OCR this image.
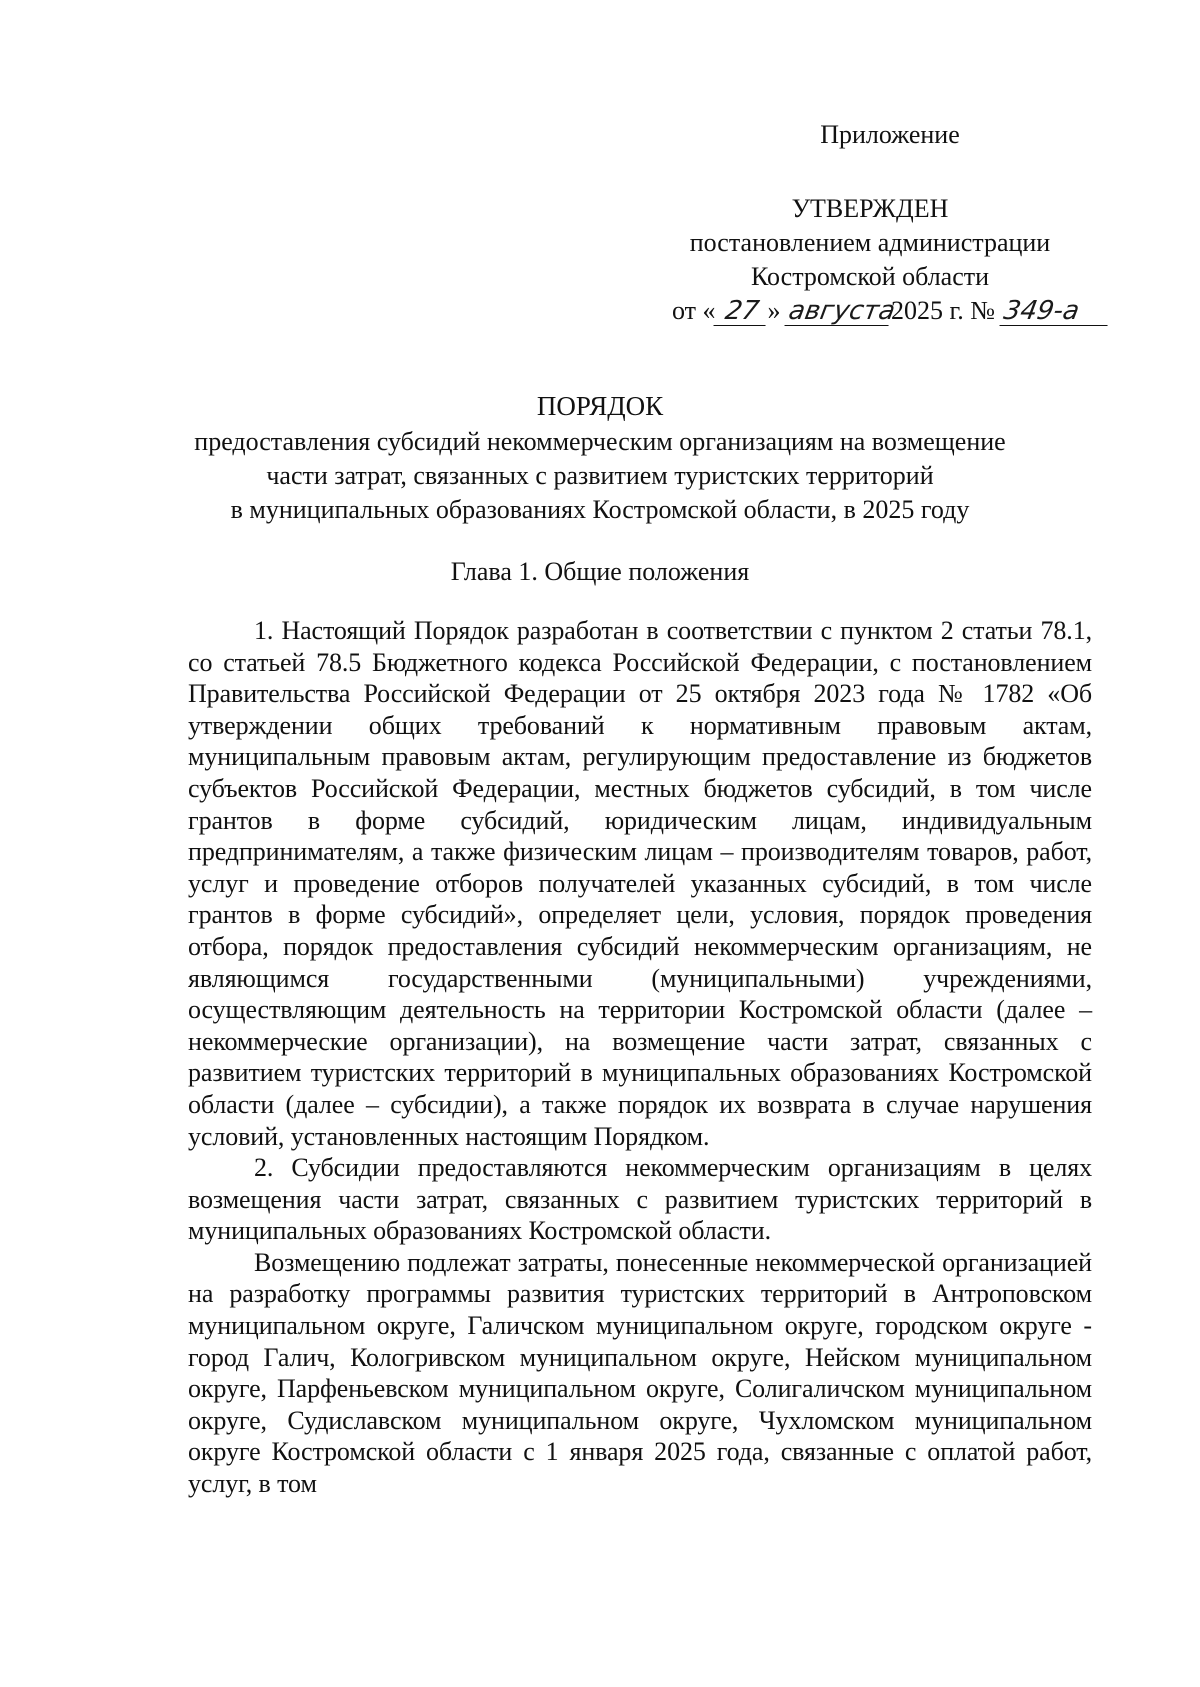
Приложение
УТВЕРЖДЕН
постановлением администрации
Костромской области
от « 27 » августа2025 г. № 349-а
ПОРЯДОК
предоставления субсидий некоммерческим организациям на возмещение
части затрат, связанных с развитием туристских территорий
в муниципальных образованиях Костромской области, в 2025 году
Глава 1. Общие положения

1. Настоящий Порядок разработан в соответствии с пунктом 2 статьи 78.1, со статьей 78.5 Бюджетного кодекса Российской Федерации, с постановлением Правительства Российской Федерации от 25 октября 2023 года № 1782 «Об утверждении общих требований к нормативным правовым актам, муниципальным правовым актам, регулирующим предоставление из бюджетов субъектов Российской Федерации, местных бюджетов субсидий, в том числе грантов в форме субсидий, юридическим лицам, индивидуальным предпринимателям, а также физическим лицам – производителям товаров, работ, услуг и проведение отборов получателей указанных субсидий, в том числе грантов в форме субсидий», определяет цели, условия, порядок проведения отбора, порядок предоставления субсидий некоммерческим организациям, не являющимся государственными (муниципальными) учреждениями, осуществляющим деятельность на территории Костромской области (далее – некоммерческие организации), на возмещение части затрат, связанных с развитием туристских территорий в муниципальных образованиях Костромской области (далее – субсидии), а также порядок их возврата в случае нарушения условий, установленных настоящим Порядком.

2. Субсидии предоставляются некоммерческим организациям в целях возмещения части затрат, связанных с развитием туристских территорий в муниципальных образованиях Костромской области.

Возмещению подлежат затраты, понесенные некоммерческой организацией на разработку программы развития туристских территорий в Антроповском муниципальном округе, Галичском муниципальном округе, городском округе - город Галич, Кологривском муниципальном округе, Нейском муниципальном округе, Парфеньевском муниципальном округе, Солигаличском муниципальном округе, Судиславском муниципальном округе, Чухломском муниципальном округе Костромской области с 1 января 2025 года, связанные с оплатой работ, услуг, в том
